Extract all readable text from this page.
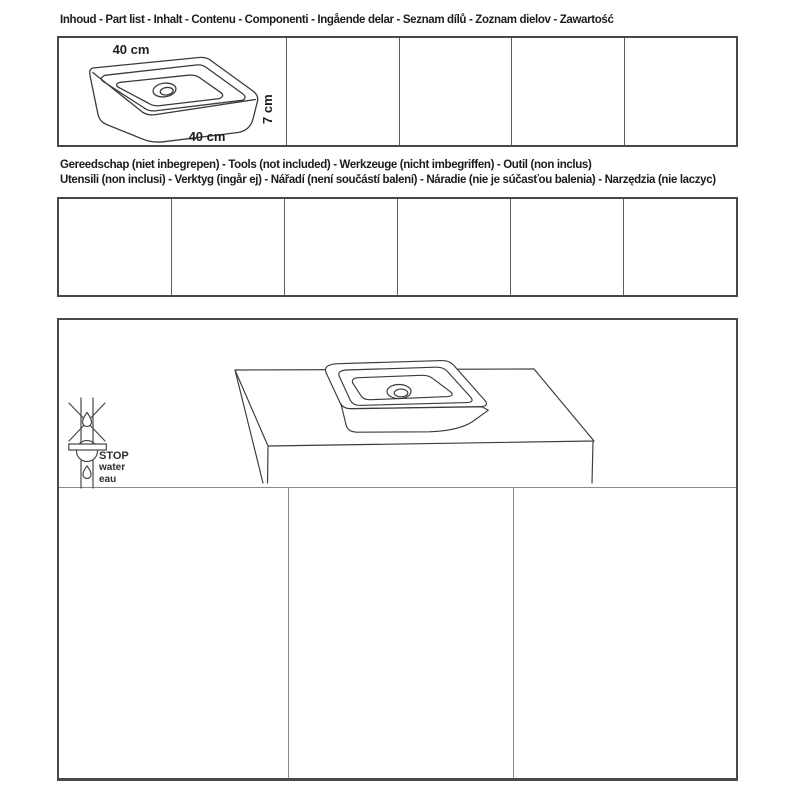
Inhoud - Part list - Inhalt - Contenu - Componenti - Ingående delar - Seznam dílů - Zoznam dielov - Zawartość
40 cm
40 cm
7 cm
Gereedschap (niet inbegrepen) - Tools (not included) - Werkzeuge (nicht imbegriffen) - Outil (non inclus)
Utensili (non inclusi) - Verktyg (ingår ej) - Nářadí (není součástí balení) - Náradie (nie je súčasťou balenia) - Narzędzia (nie laczyc)
STOP
water
eau
